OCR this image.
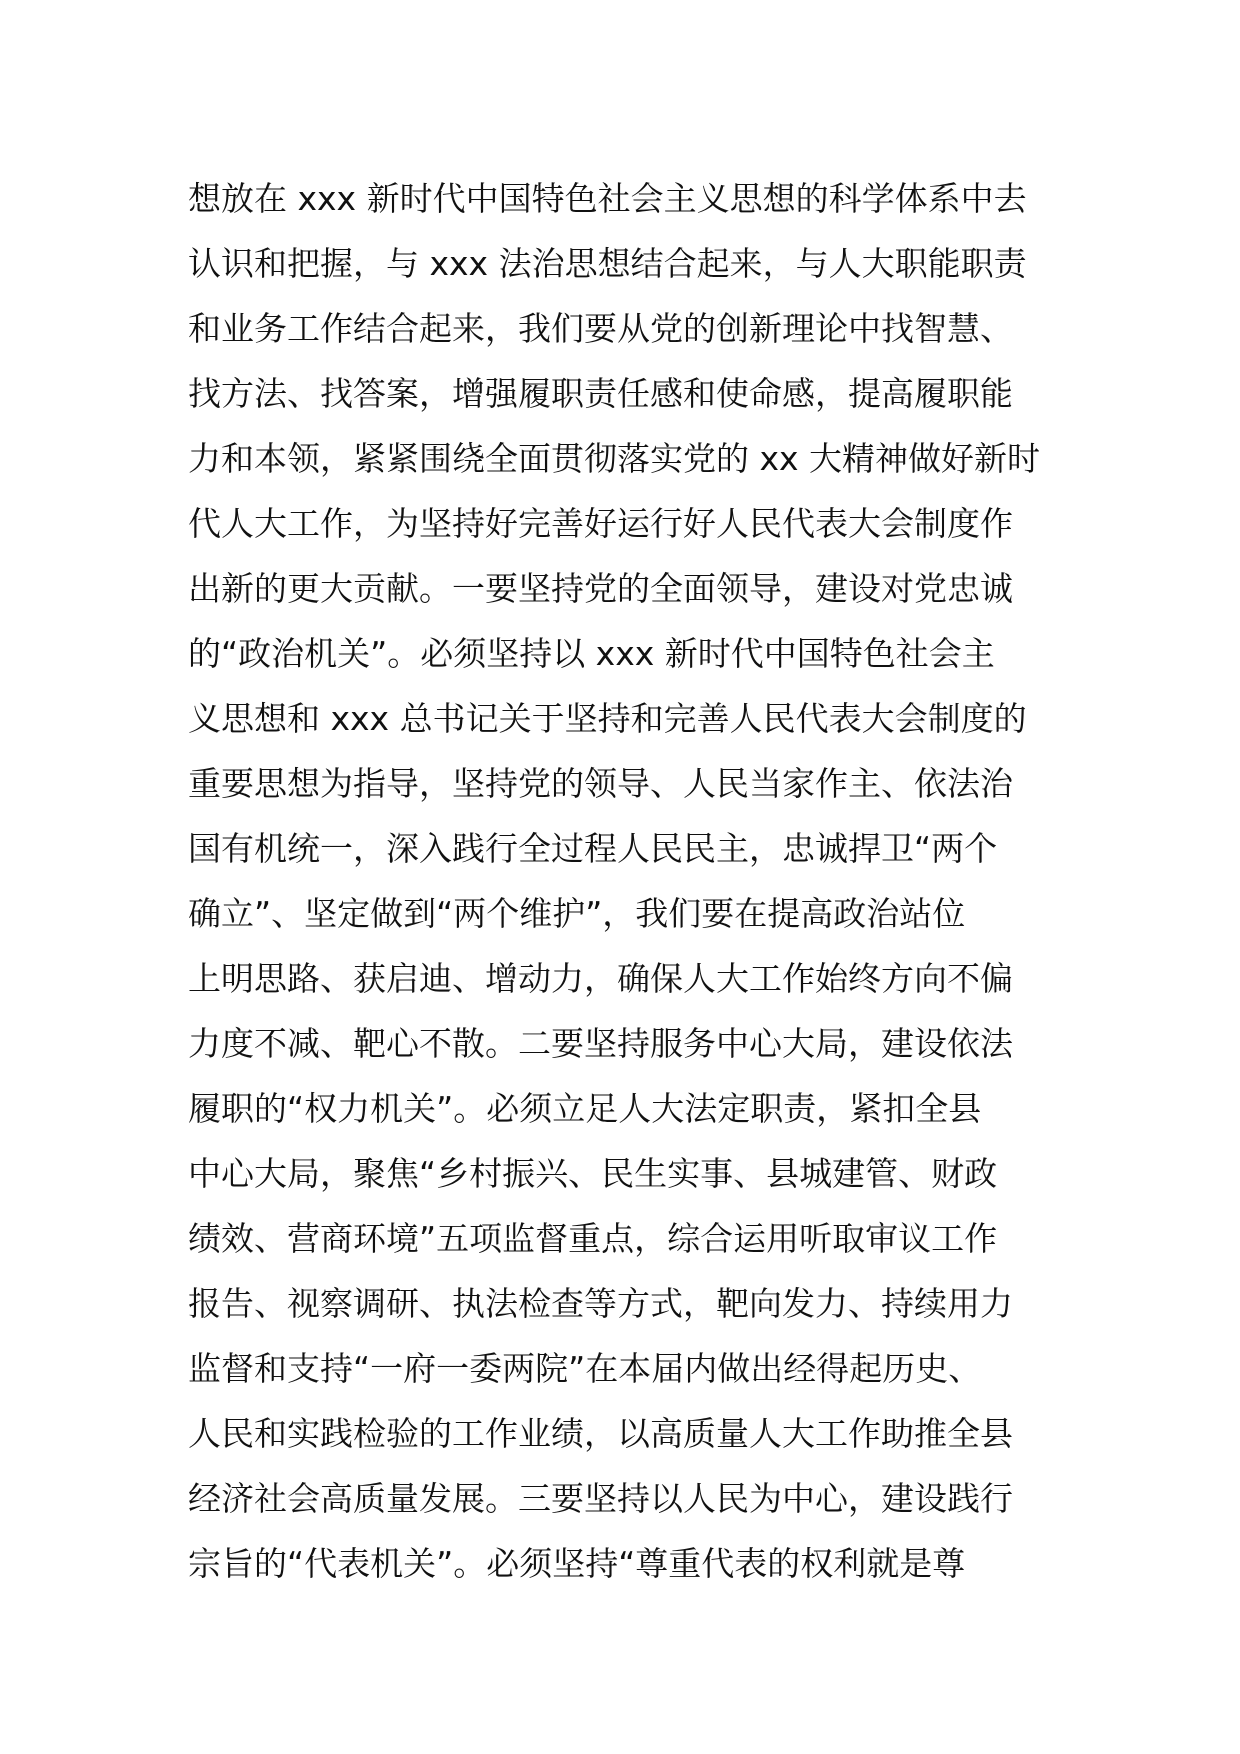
想放在 xxx 新时代中国特色社会主义思想的科学体系中去
认识和把握，与 xxx 法治思想结合起来，与人大职能职责
和业务工作结合起来，我们要从党的创新理论中找智慧、
找方法、找答案，增强履职责任感和使命感，提高履职能
力和本领，紧紧围绕全面贯彻落实党的 xx 大精神做好新时
代人大工作，为坚持好完善好运行好人民代表大会制度作
出新的更大贡献。一要坚持党的全面领导，建设对党忠诚
的“政治机关”。必须坚持以 xxx 新时代中国特色社会主
义思想和 xxx 总书记关于坚持和完善人民代表大会制度的
重要思想为指导，坚持党的领导、人民当家作主、依法治
国有机统一，深入践行全过程人民民主，忠诚捍卫“两个
确立”、坚定做到“两个维护”，我们要在提高政治站位
上明思路、获启迪、增动力，确保人大工作始终方向不偏
力度不减、靶心不散。二要坚持服务中心大局，建设依法
履职的“权力机关”。必须立足人大法定职责，紧扣全县
中心大局，聚焦“乡村振兴、民生实事、县城建管、财政
绩效、营商环境”五项监督重点，综合运用听取审议工作
报告、视察调研、执法检查等方式，靶向发力、持续用力
监督和支持“一府一委两院”在本届内做出经得起历史、
人民和实践检验的工作业绩，以高质量人大工作助推全县
经济社会高质量发展。三要坚持以人民为中心，建设践行
宗旨的“代表机关”。必须坚持“尊重代表的权利就是尊
